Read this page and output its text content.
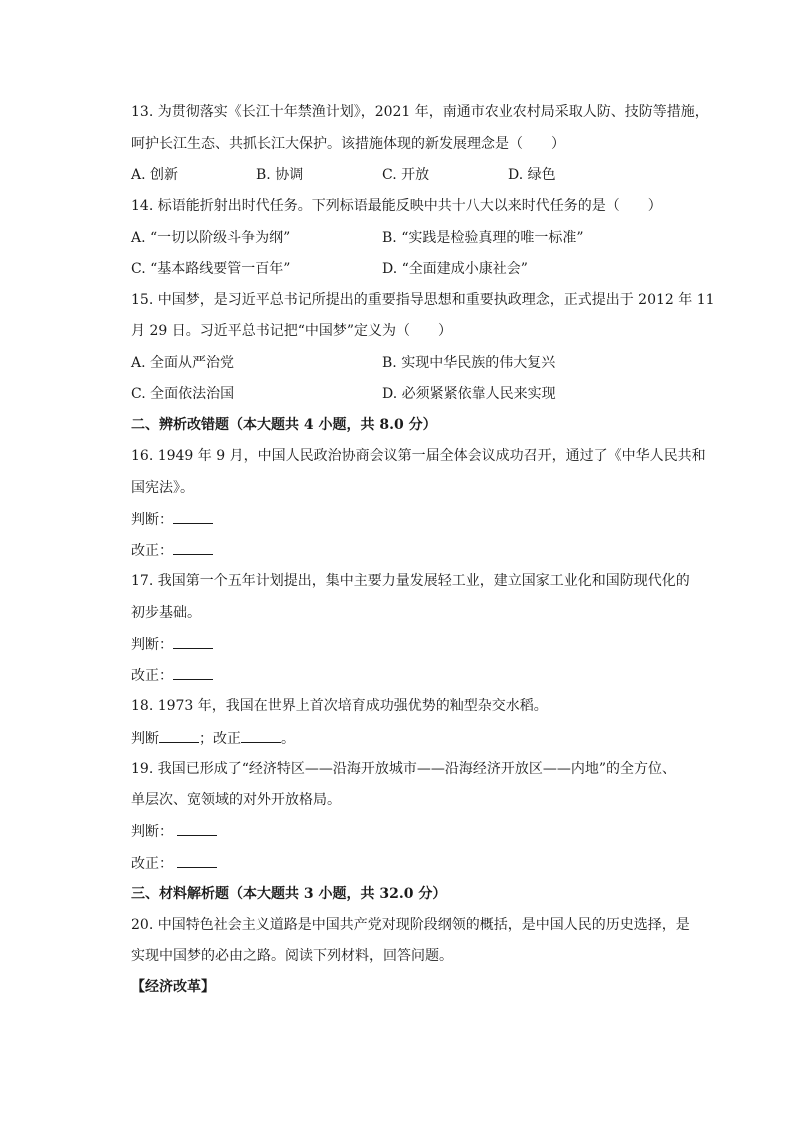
13. 为贯彻落实《长江十年禁渔计划》，2021 年，南通市农业农村局采取人防、技防等措施，
呵护长江生态、共抓长江大保护。该措施体现的新发展理念是（　　）
A. 创新	B. 协调	C. 开放	D. 绿色
14. 标语能折射出时代任务。下列标语最能反映中共十八大以来时代任务的是（　　）
A. “一切以阶级斗争为纲”	B. “实践是检验真理的唯一标准”
C. “基本路线要管一百年”	D. “全面建成小康社会”
15. 中国梦，是习近平总书记所提出的重要指导思想和重要执政理念，正式提出于 2012 年 11
月 29 日。习近平总书记把“中国梦”定义为（　　）
A. 全面从严治党	B. 实现中华民族的伟大复兴
C. 全面依法治国	D. 必须紧紧依靠人民来实现
二、辨析改错题（本大题共 4 小题，共 8.0 分）
16. 1949 年 9 月，中国人民政治协商会议第一届全体会议成功召开，通过了《中华人民共和
国宪法》。
判断：
改正：
17. 我国第一个五年计划提出，集中主要力量发展轻工业，建立国家工业化和国防现代化的
初步基础。
判断：
改正：
18. 1973 年，我国在世界上首次培育成功强优势的籼型杂交水稻。
判断	；改正	。
19. 我国已形成了“经济特区——沿海开放城市——沿海经济开放区——内地”的全方位、
单层次、宽领域的对外开放格局。
判断：
改正：
三、材料解析题（本大题共 3 小题，共 32.0 分）
20. 中国特色社会主义道路是中国共产党对现阶段纲领的概括，是中国人民的历史选择，是
实现中国梦的必由之路。阅读下列材料，回答问题。
【经济改革】
